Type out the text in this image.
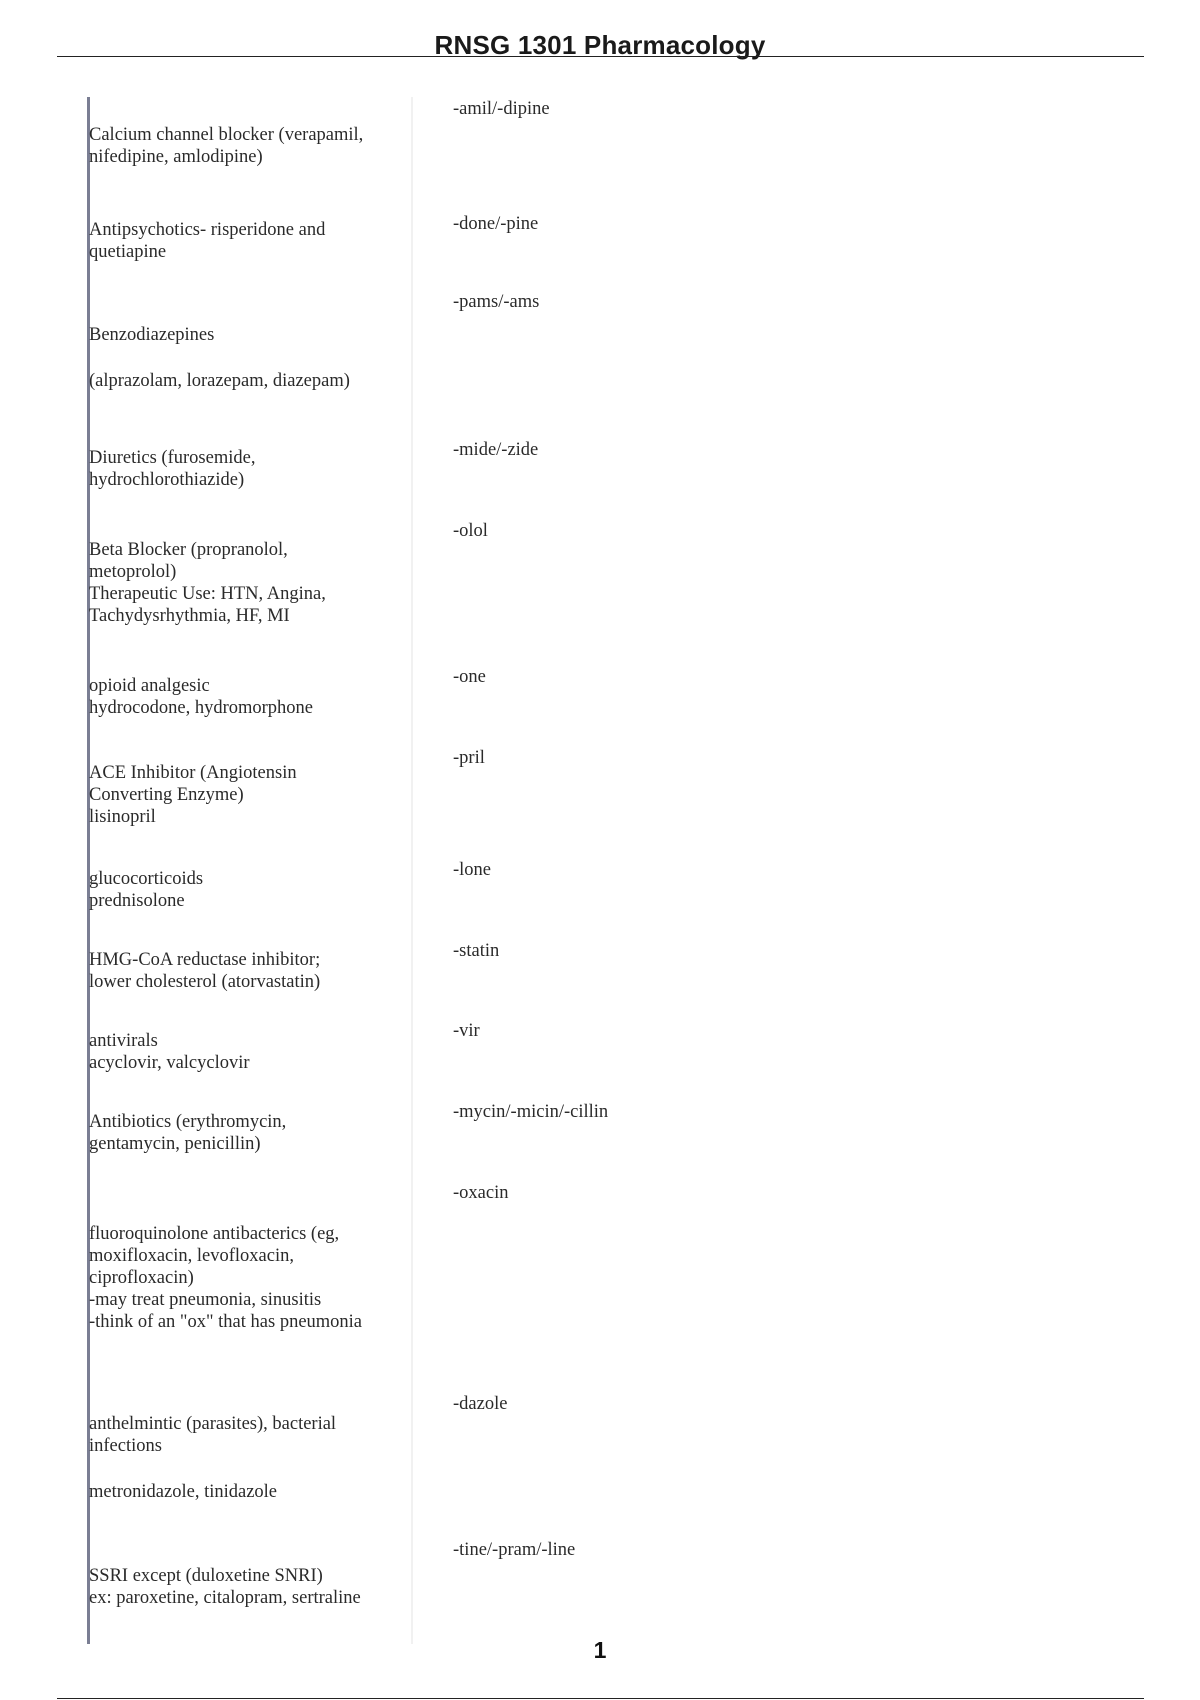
RNSG 1301 Pharmacology
Calcium channel blocker (verapamil,
nifedipine, amlodipine)
-amil/-dipine
Antipsychotics- risperidone and
quetiapine
-done/-pine
Benzodiazepines
(alprazolam, lorazepam, diazepam)
-pams/-ams
Diuretics (furosemide,
hydrochlorothiazide)
-mide/-zide
Beta Blocker (propranolol,
metoprolol)
Therapeutic Use: HTN, Angina,
Tachydysrhythmia, HF, MI
-olol
opioid analgesic
hydrocodone, hydromorphone
-one
ACE Inhibitor (Angiotensin
Converting Enzyme)
lisinopril
-pril
glucocorticoids
prednisolone
-lone
HMG-CoA reductase inhibitor;
lower cholesterol (atorvastatin)
-statin
antivirals
acyclovir, valcyclovir
-vir
Antibiotics (erythromycin,
gentamycin, penicillin)
-mycin/-micin/-cillin
fluoroquinolone antibacterics (eg,
moxifloxacin, levofloxacin,
ciprofloxacin)
-may treat pneumonia, sinusitis
-think of an "ox" that has pneumonia
-oxacin
anthelmintic (parasites), bacterial
infections
metronidazole, tinidazole
-dazole
SSRI except (duloxetine SNRI)
ex: paroxetine, citalopram, sertraline
-tine/-pram/-line
1
